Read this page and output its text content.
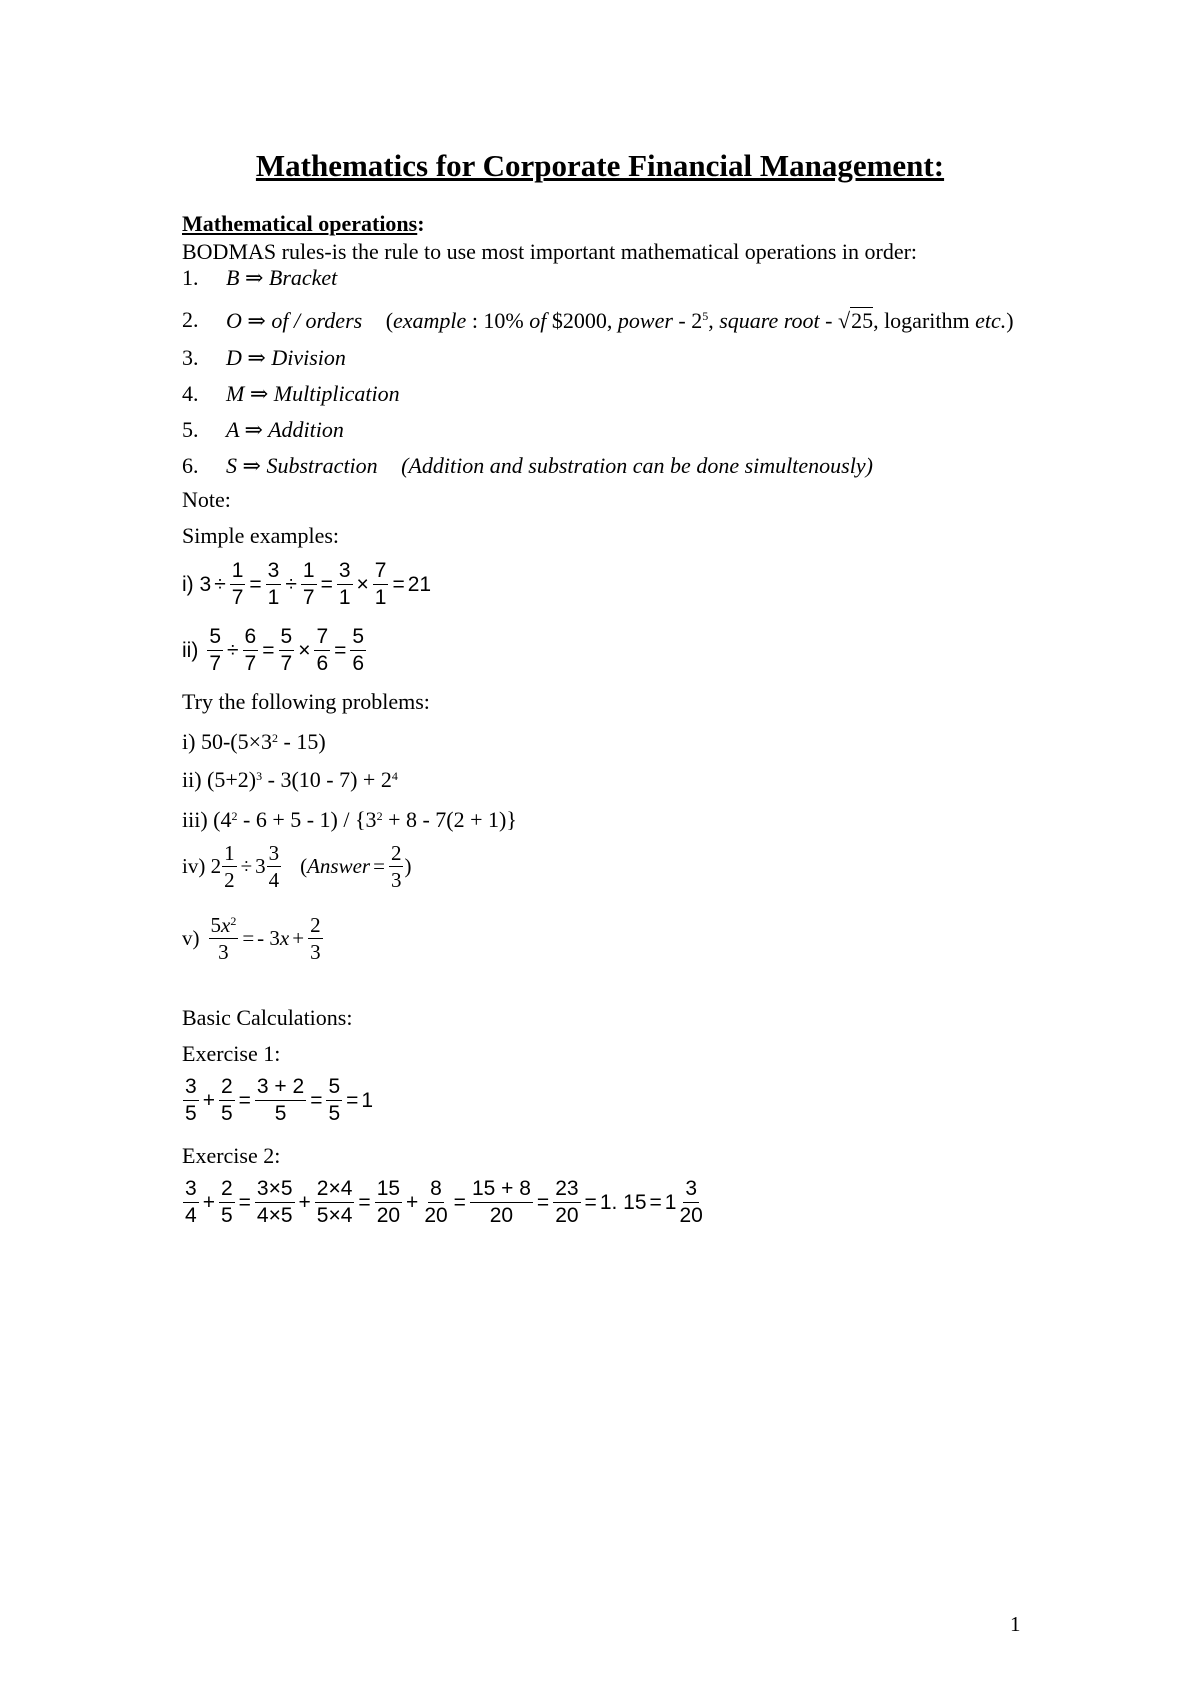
Mathematics for Corporate Financial Management:
Mathematical operations:
BODMAS rules-is the rule to use most important mathematical operations in order:
1. B ⇒ Bracket
2. O ⇒ of / orders (example : 10% of $2000, power - $2^5$, square root - √25, logarithm etc.)
3. D ⇒ Division
4. M ⇒ Multiplication
5. A ⇒ Addition
6. S ⇒ Substraction (Addition and substration can be done simultenously)
Note:
Simple examples:
i) $3 \div \frac{1}{7} = \frac{3}{1} \div \frac{1}{7} = \frac{3}{1} \times \frac{7}{1} = 21$
$ii) \frac{5}{7} \div \frac{6}{7} = \frac{5}{7} \times \frac{7}{6} = \frac{5}{6}$
Try the following problems:
i) $50-(5\times 3^2 - 15)$
ii) $(5+2)^3 - 3(10 - 7) + 2^4$
iii) $(4^2 - 6 + 5 - 1) / \{3^2 + 8 - 7(2 + 1)\}$
iv) $2 \frac{1}{2} \div 3 \frac{3}{4}$ ( Answer = $\frac{2}{3}$ )
$v) \frac{5x^2}{3}$ = - 3 $x + \frac{2}{3}$
Basic Calculations:
Exercise 1:
3
5
+ $\frac{2}{5} = \frac{3 + 2}{5} = \frac{5}{5} = 1$
Exercise 2:
3
4
+ $\frac{2}{5} = \frac{3\times 5}{4\times 5} + \frac{2\times 4}{5\times 4} = \frac{15}{20} + \frac{8}{20} = \frac{15 + 8}{20} = \frac{23}{20} = 1$. $15 = 1 \frac{3}{20}$
1
